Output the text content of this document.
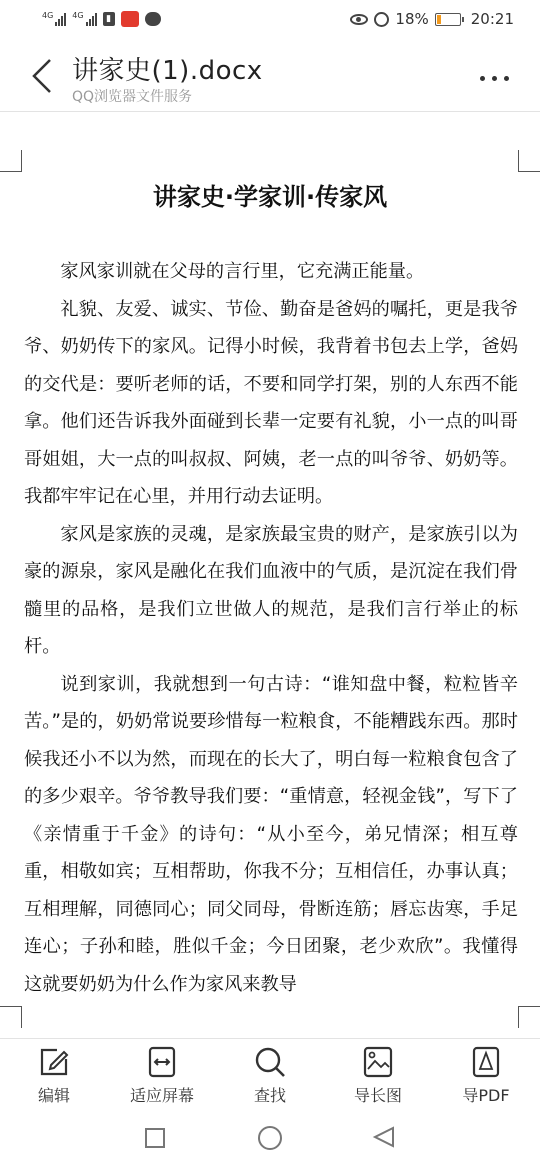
4G 4G	▮	18%	20:21
讲家史(1).docx
QQ浏览器文件服务
讲家史·学家训·传家风

家风家训就在父母的言行里，它充满正能量。

礼貌、友爱、诚实、节俭、勤奋是爸妈的嘱托，更是我爷爷、奶奶传下的家风。记得小时候，我背着书包去上学，爸妈的交代是：要听老师的话，不要和同学打架，别的人东西不能拿。他们还告诉我外面碰到长辈一定要有礼貌，小一点的叫哥哥姐姐，大一点的叫叔叔、阿姨，老一点的叫爷爷、奶奶等。我都牢牢记在心里，并用行动去证明。

家风是家族的灵魂，是家族最宝贵的财产，是家族引以为豪的源泉，家风是融化在我们血液中的气质，是沉淀在我们骨髓里的品格，是我们立世做人的规范，是我们言行举止的标杆。

说到家训，我就想到一句古诗：“谁知盘中餐，粒粒皆辛苦。”是的，奶奶常说要珍惜每一粒粮食，不能糟践东西。那时候我还小不以为然，而现在的长大了，明白每一粒粮食包含了的多少艰辛。爷爷教导我们要：“重情意，轻视金钱”，写下了《亲情重于千金》的诗句：“从小至今，弟兄情深；相互尊重，相敬如宾；互相帮助，你我不分；互相信任，办事认真；互相理解，同德同心；同父同母，骨断连筋；唇忘齿寒，手足连心；子孙和睦，胜似千金；今日团聚，老少欢欣”。我懂得这就要奶奶为什么作为家风来教导

编辑	适应屏幕	查找	导长图	导PDF
